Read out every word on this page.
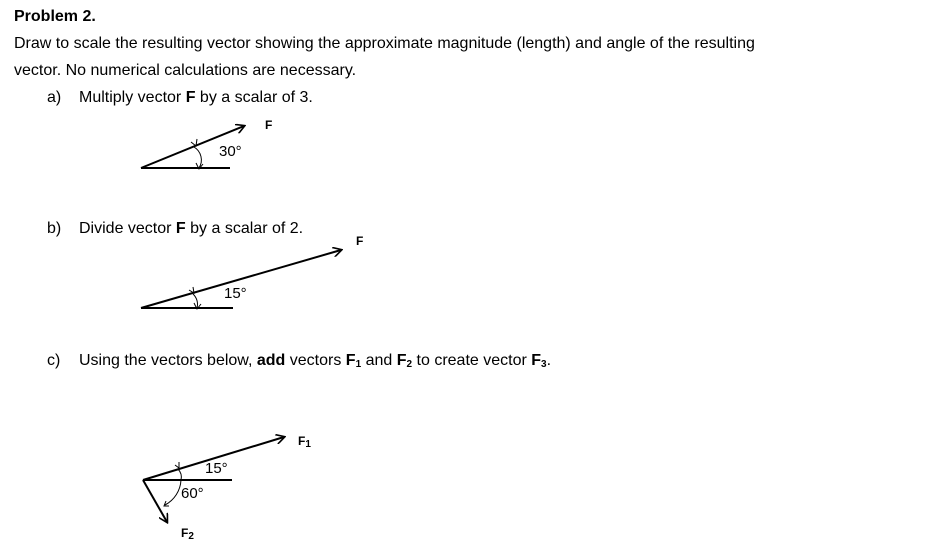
Problem 2.
Draw to scale the resulting vector showing the approximate magnitude (length) and angle of the resulting
vector. No numerical calculations are necessary.
a) Multiply vector F by a scalar of 3.
b) Divide vector F by a scalar of 2.
c) Using the vectors below, add vectors $F_1$ and $F_2$ to create vector $F_3$.
F
30°
F
15°
$F_1$
15°
60°
$F_2$
